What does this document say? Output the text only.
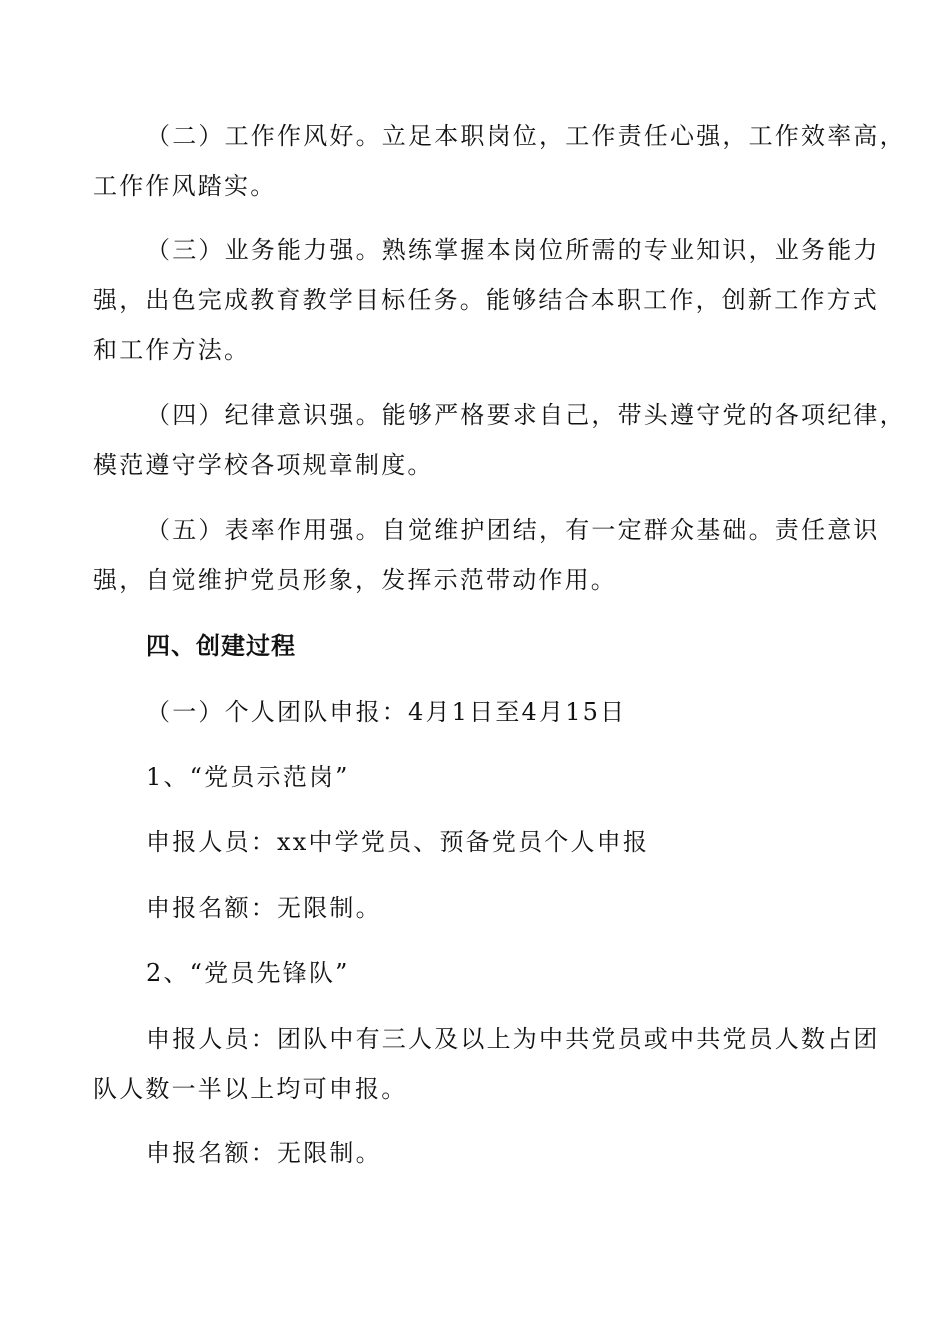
（二）工作作风好。立足本职岗位，工作责任心强，工作效率高，
工作作风踏实。
（三）业务能力强。熟练掌握本岗位所需的专业知识，业务能力
强，出色完成教育教学目标任务。能够结合本职工作，创新工作方式
和工作方法。
（四）纪律意识强。能够严格要求自己，带头遵守党的各项纪律，
模范遵守学校各项规章制度。
（五）表率作用强。自觉维护团结，有一定群众基础。责任意识
强，自觉维护党员形象，发挥示范带动作用。
四、创建过程
（一）个人团队申报：4月1日至4月15日
1、“党员示范岗”
申报人员：xx中学党员、预备党员个人申报
申报名额：无限制。
2、“党员先锋队”
申报人员：团队中有三人及以上为中共党员或中共党员人数占团
队人数一半以上均可申报。
申报名额：无限制。
